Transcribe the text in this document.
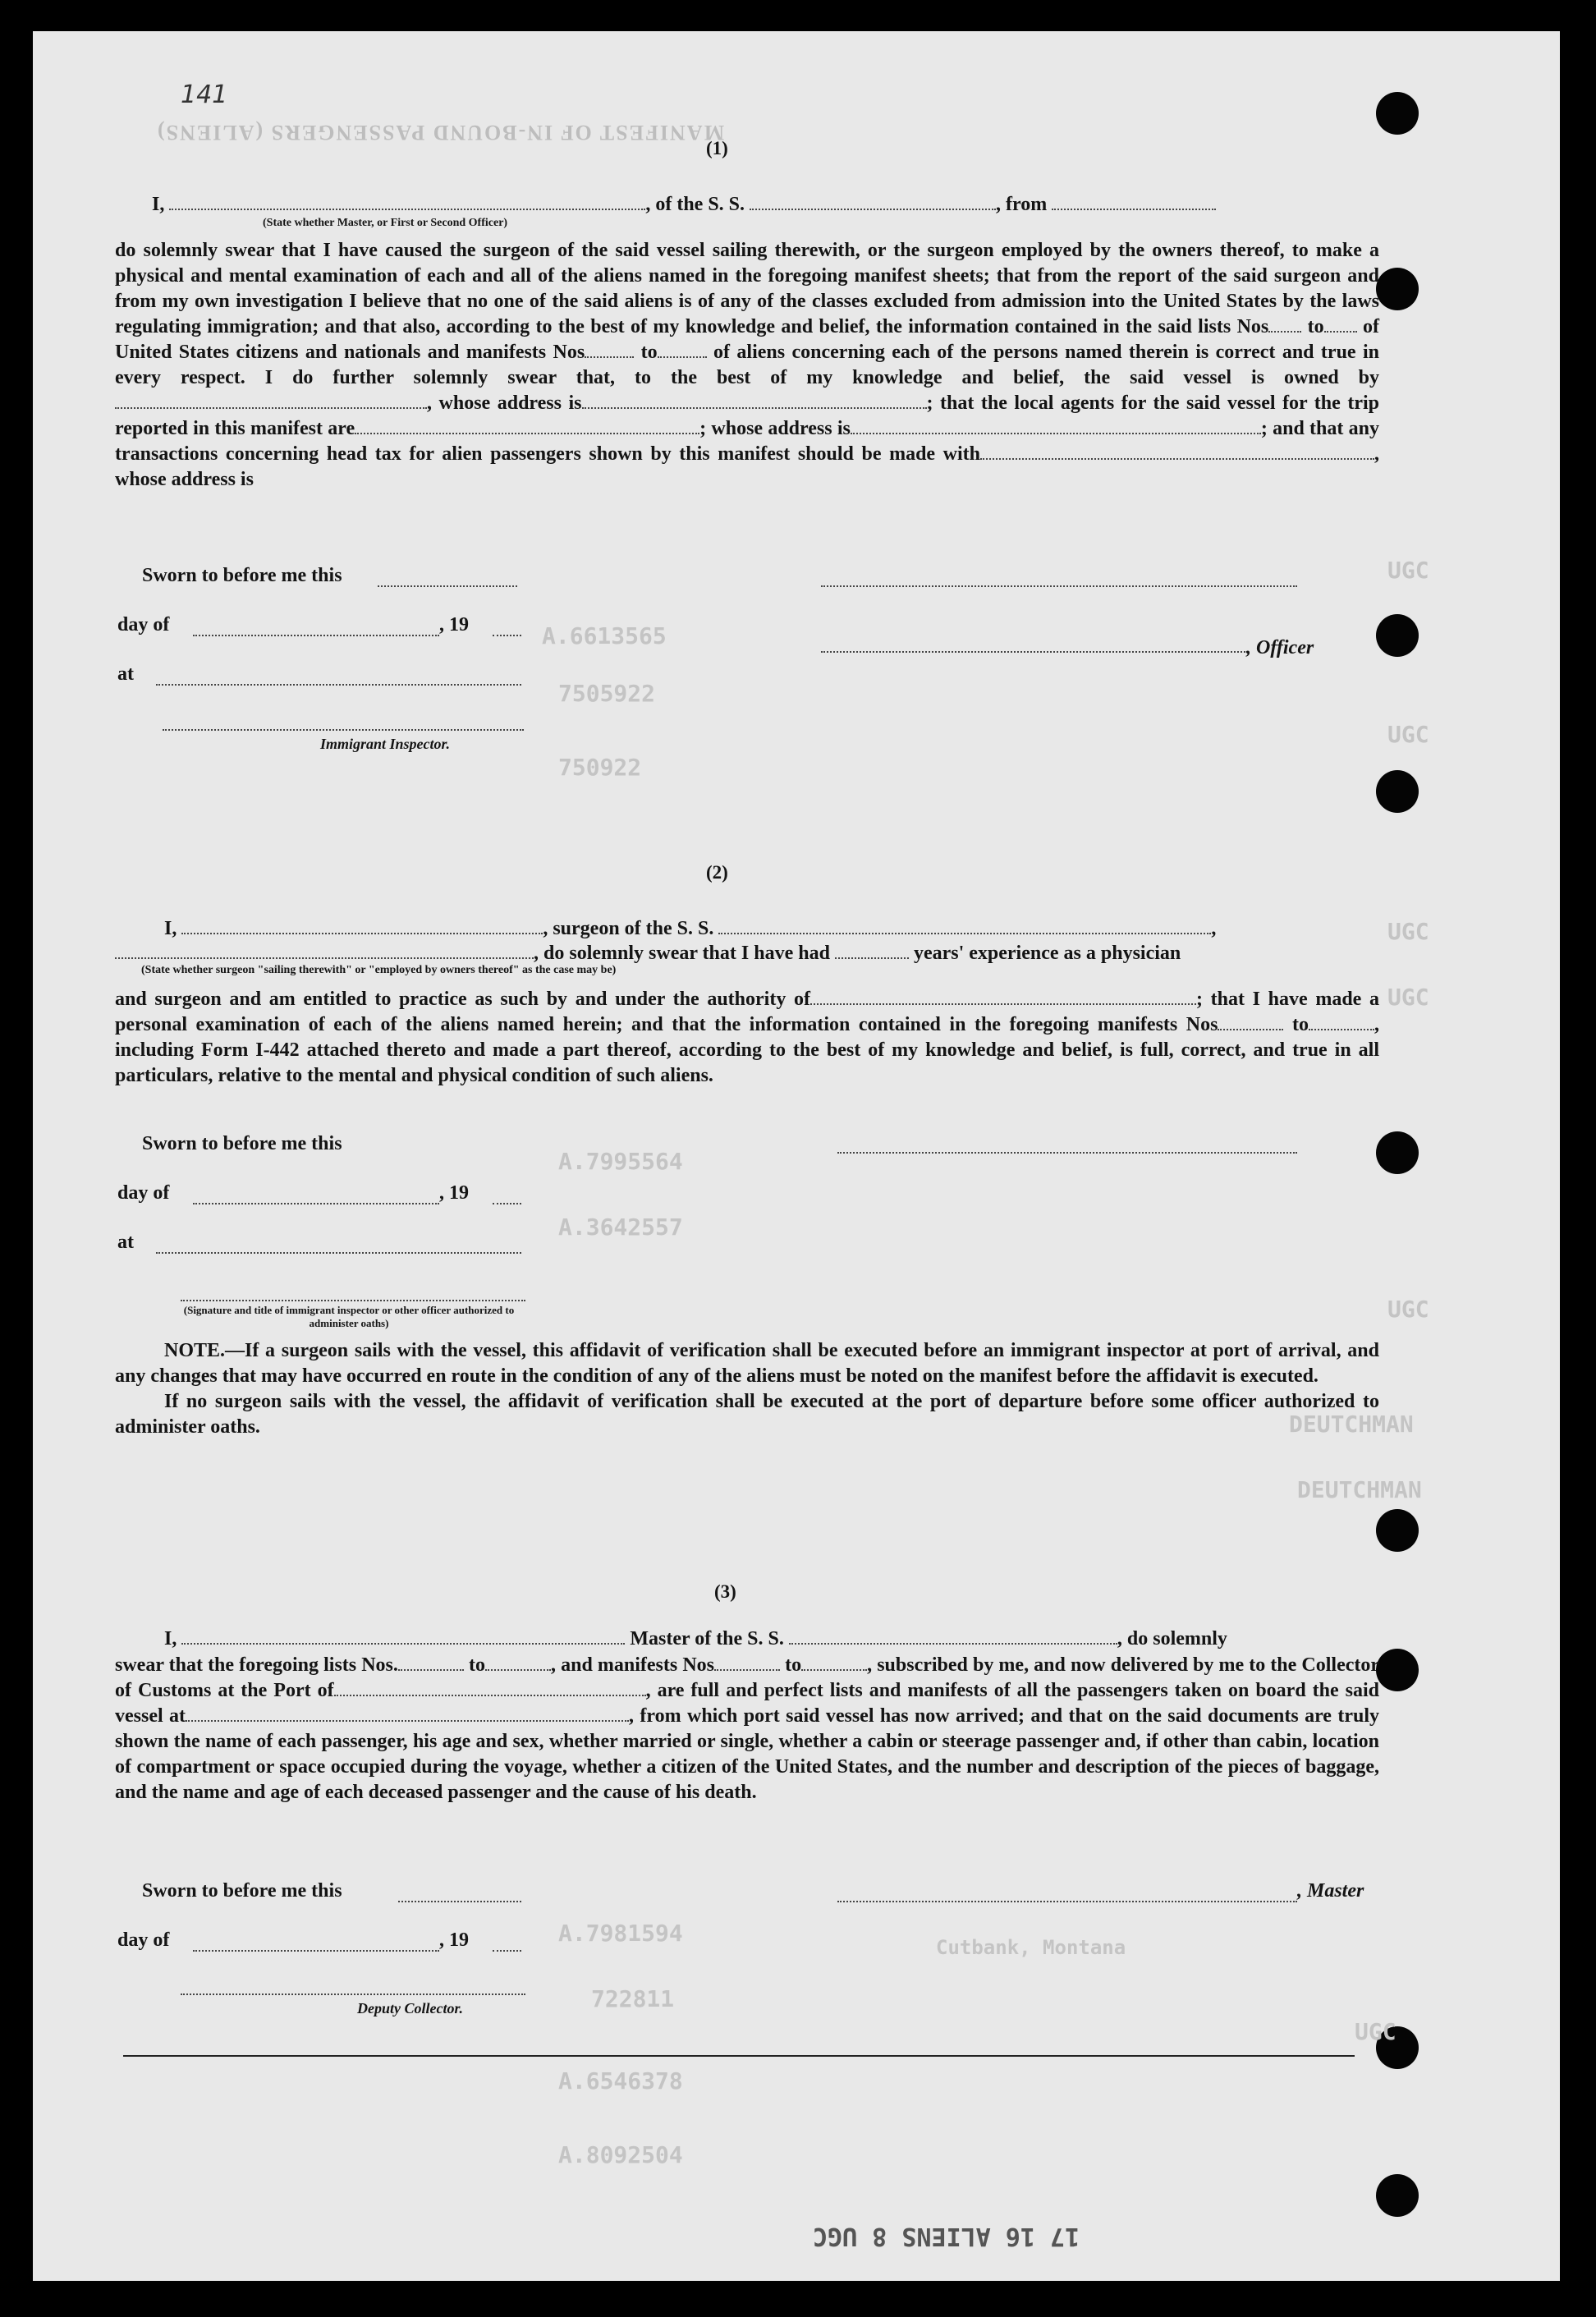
MANIFEST OF IN-BOUND PASSENGERS (ALIENS)
UGC
UGC
UGC
UGC
UGC
UGC
DEUTCHMAN
DEUTCHMAN
7505922
A.6613565
750922
A.7995564
A.3642557
A.7981594
722811
A.6546378
A.8092504
Cutbank, Montana
17 16 ALIENS 8 UGC
141
(1)
I,	, of the S. S.	, from
(State whether Master, or First or Second Officer)
do solemnly swear that I have caused the surgeon of the said vessel sailing therewith, or the surgeon employed by the owners thereof, to make a physical and mental examination of each and all of the aliens named in the foregoing manifest sheets; that from the report of the said surgeon and from my own investigation I believe that no one of the said aliens is of any of the classes excluded from admission into the United States by the laws regulating immigration; and that also, according to the best of my knowledge and belief, the information contained in the said lists Nos to of United States citizens and nationals and manifests Nos	to	of aliens concerning each of the persons named therein is correct and true in every respect. I do further solemnly swear that, to the best of my knowledge and belief, the said vessel is owned by, whose address is	; that the local agents for the said vessel for the trip reported in this manifest are	; whose address is	; and that any transactions concerning head tax for alien passengers shown by this manifest should be made with	, whose address is
Sworn to before me this
day of	, 19
at
, Officer
Immigrant Inspector.
(2)
I,	, surgeon of the S. S.	,
, do solemnly swear that I have had	years' experience as a physician
(State whether surgeon "sailing therewith" or "employed by owners thereof" as the case may be)
and surgeon and am entitled to practice as such by and under the authority of	; that I have made a personal examination of each of the aliens named herein; and that the information contained in the foregoing manifests Nos	to	, including Form I-442 attached thereto and made a part thereof, according to the best of my knowledge and belief, is full, correct, and true in all particulars, relative to the mental and physical condition of such aliens.
Sworn to before me this
day of	, 19
at
(Signature and title of immigrant inspector or other officer authorized to administer oaths)
NOTE.—If a surgeon sails with the vessel, this affidavit of verification shall be executed before an immigrant inspector at port of arrival, and any changes that may have occurred en route in the condition of any of the aliens must be noted on the manifest before the affidavit is executed.
If no surgeon sails with the vessel, the affidavit of verification shall be executed at the port of departure before some officer authorized to administer oaths.
(3)
I,	Master of the S. S.	, do solemnly
swear that the foregoing lists Nos.	to	, and manifests Nos	to	, subscribed by me, and now delivered by me to the Collector of Customs at the Port of	, are full and perfect lists and manifests of all the passengers taken on board the said vessel at	, from which port said vessel has now arrived; and that on the said documents are truly shown the name of each passenger, his age and sex, whether married or single, whether a cabin or steerage passenger and, if other than cabin, location of compartment or space occupied during the voyage, whether a citizen of the United States, and the number and description of the pieces of baggage, and the name and age of each deceased passenger and the cause of his death.
Sworn to before me this	, Master
day of	, 19
Deputy Collector.
